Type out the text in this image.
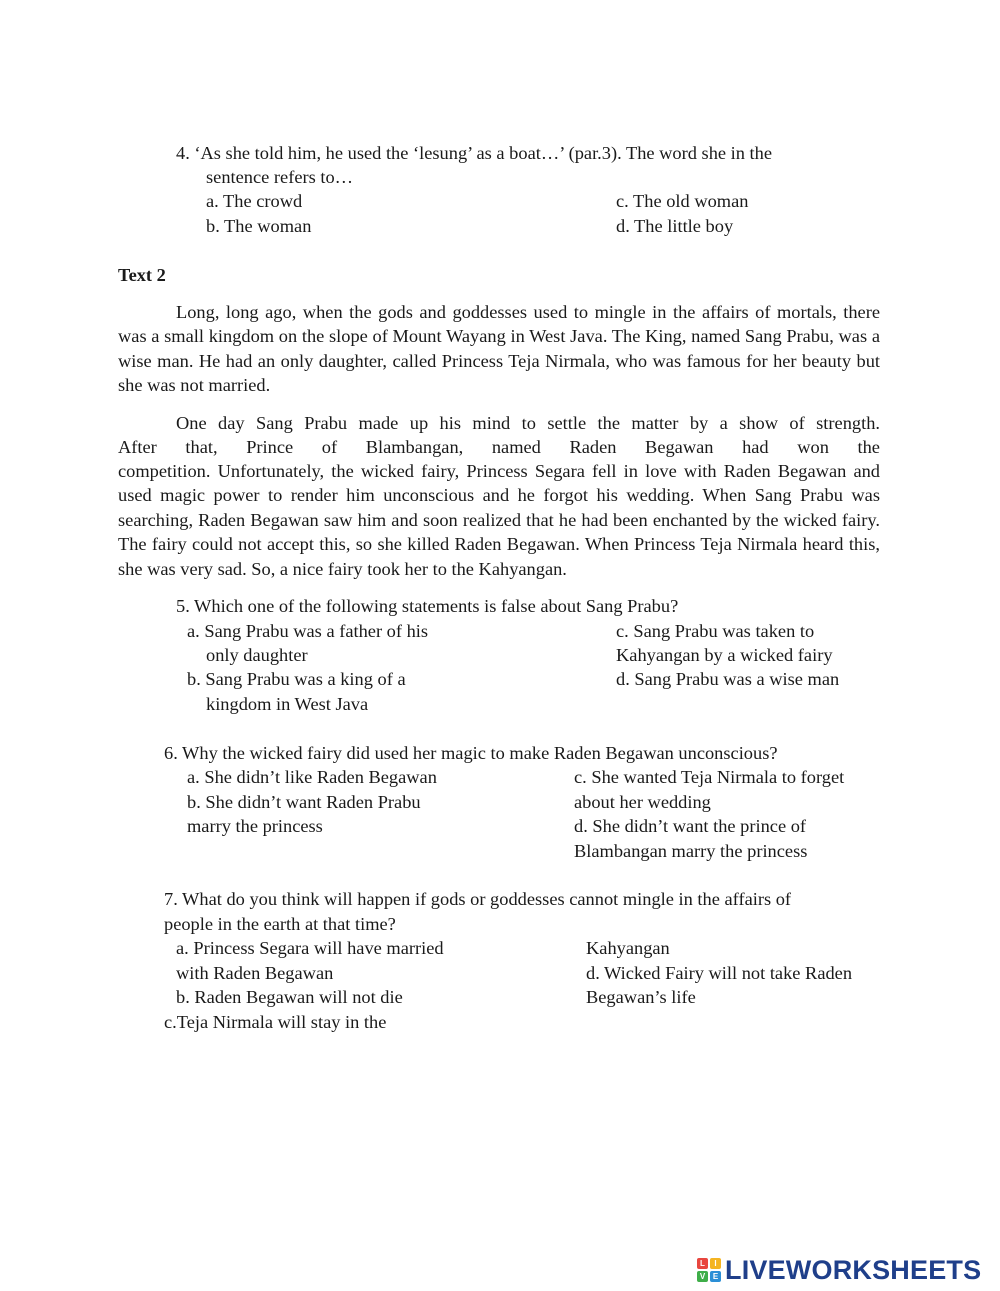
4. ‘As she told him, he used the ‘lesung’ as a boat…’ (par.3). The word she in the
sentence refers to…
a. The crowd
b. The woman
c. The old woman
d. The little boy
Text 2
Long, long ago, when the gods and goddesses used to mingle in the affairs of mortals, there was a small kingdom on the slope of Mount Wayang in West Java. The King, named Sang Prabu, was a wise man. He had an only daughter, called Princess Teja Nirmala, who was famous for her beauty but she was not married.
One day Sang Prabu made up his mind to settle the matter by a show of strength.
After that, Prince of Blambangan, named Raden Begawan had won the
competition. Unfortunately, the wicked fairy, Princess Segara fell in love with Raden Begawan and used magic power to render him unconscious and he forgot his wedding. When Sang Prabu was searching, Raden Begawan saw him and soon realized that he had been enchanted by the wicked fairy. The fairy could not accept this, so she killed Raden Begawan. When Princess Teja Nirmala heard this, she was very sad. So, a nice fairy took her to the Kahyangan.
5. Which one of the following statements is false about Sang Prabu?
a. Sang Prabu was a father of his
only daughter
b. Sang Prabu was a king of a
kingdom in West Java
c. Sang Prabu was taken to
Kahyangan by a wicked fairy
d. Sang Prabu was a wise man
6. Why the wicked fairy did used her magic to make Raden Begawan unconscious?
a. She didn’t like Raden Begawan
b. She didn’t want Raden Prabu
marry the princess
c. She wanted Teja Nirmala to forget
about her wedding
d. She didn’t want the prince of
Blambangan marry the princess
7. What do you think will happen if gods or goddesses cannot mingle in the affairs of
people in the earth at that time?
a. Princess Segara will have married
with Raden Begawan
b. Raden Begawan will not die
c.Teja Nirmala will stay in the
Kahyangan
d. Wicked Fairy will not take Raden
Begawan’s life
L	I
V E LIVEWORKSHEETS
